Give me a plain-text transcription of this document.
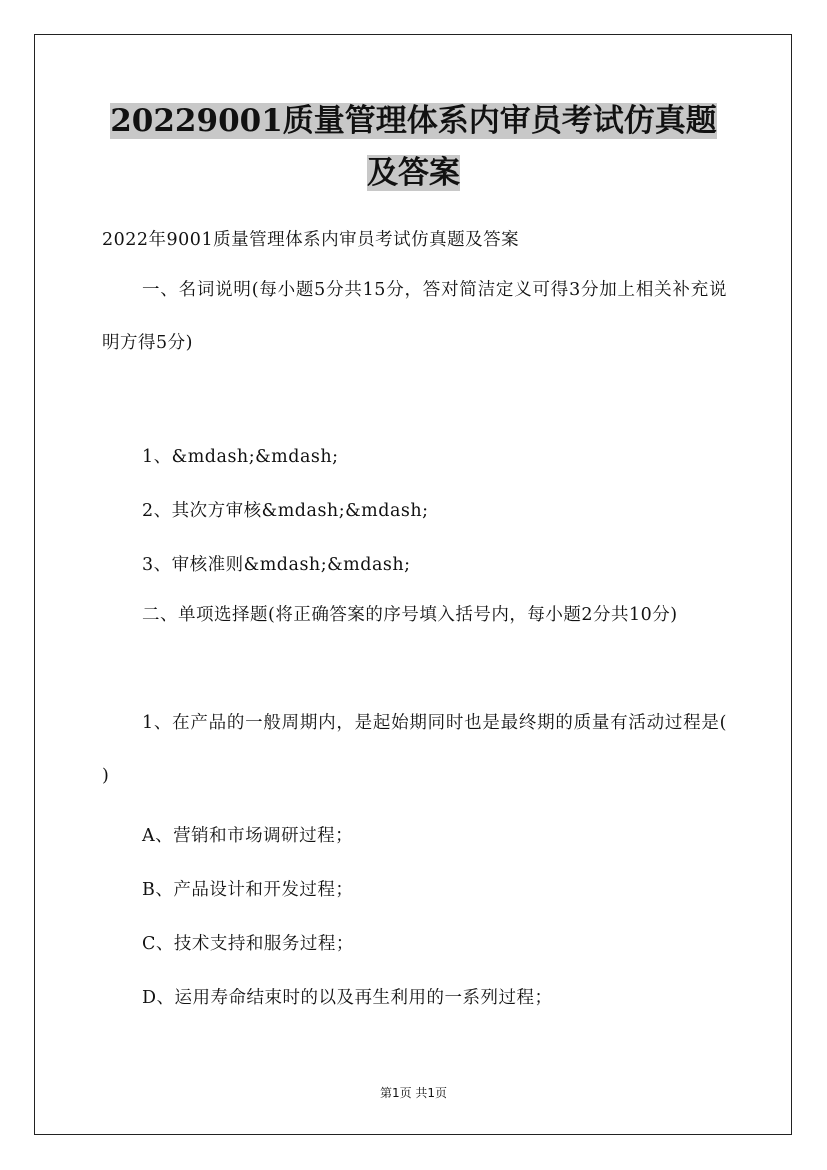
20229001质量管理体系内审员考试仿真题及答案
2022年9001质量管理体系内审员考试仿真题及答案
一、名词说明(每小题5分共15分，答对简洁定义可得3分加上相关补充说明方得5分)
1、&mdash;&mdash;
2、其次方审核&mdash;&mdash;
3、审核准则&mdash;&mdash;
二、单项选择题(将正确答案的序号填入括号内，每小题2分共10分)
1、在产品的一般周期内，是起始期同时也是最终期的质量有活动过程是( )
A、营销和市场调研过程；
B、产品设计和开发过程；
C、技术支持和服务过程；
D、运用寿命结束时的以及再生利用的一系列过程；
第1页 共1页
